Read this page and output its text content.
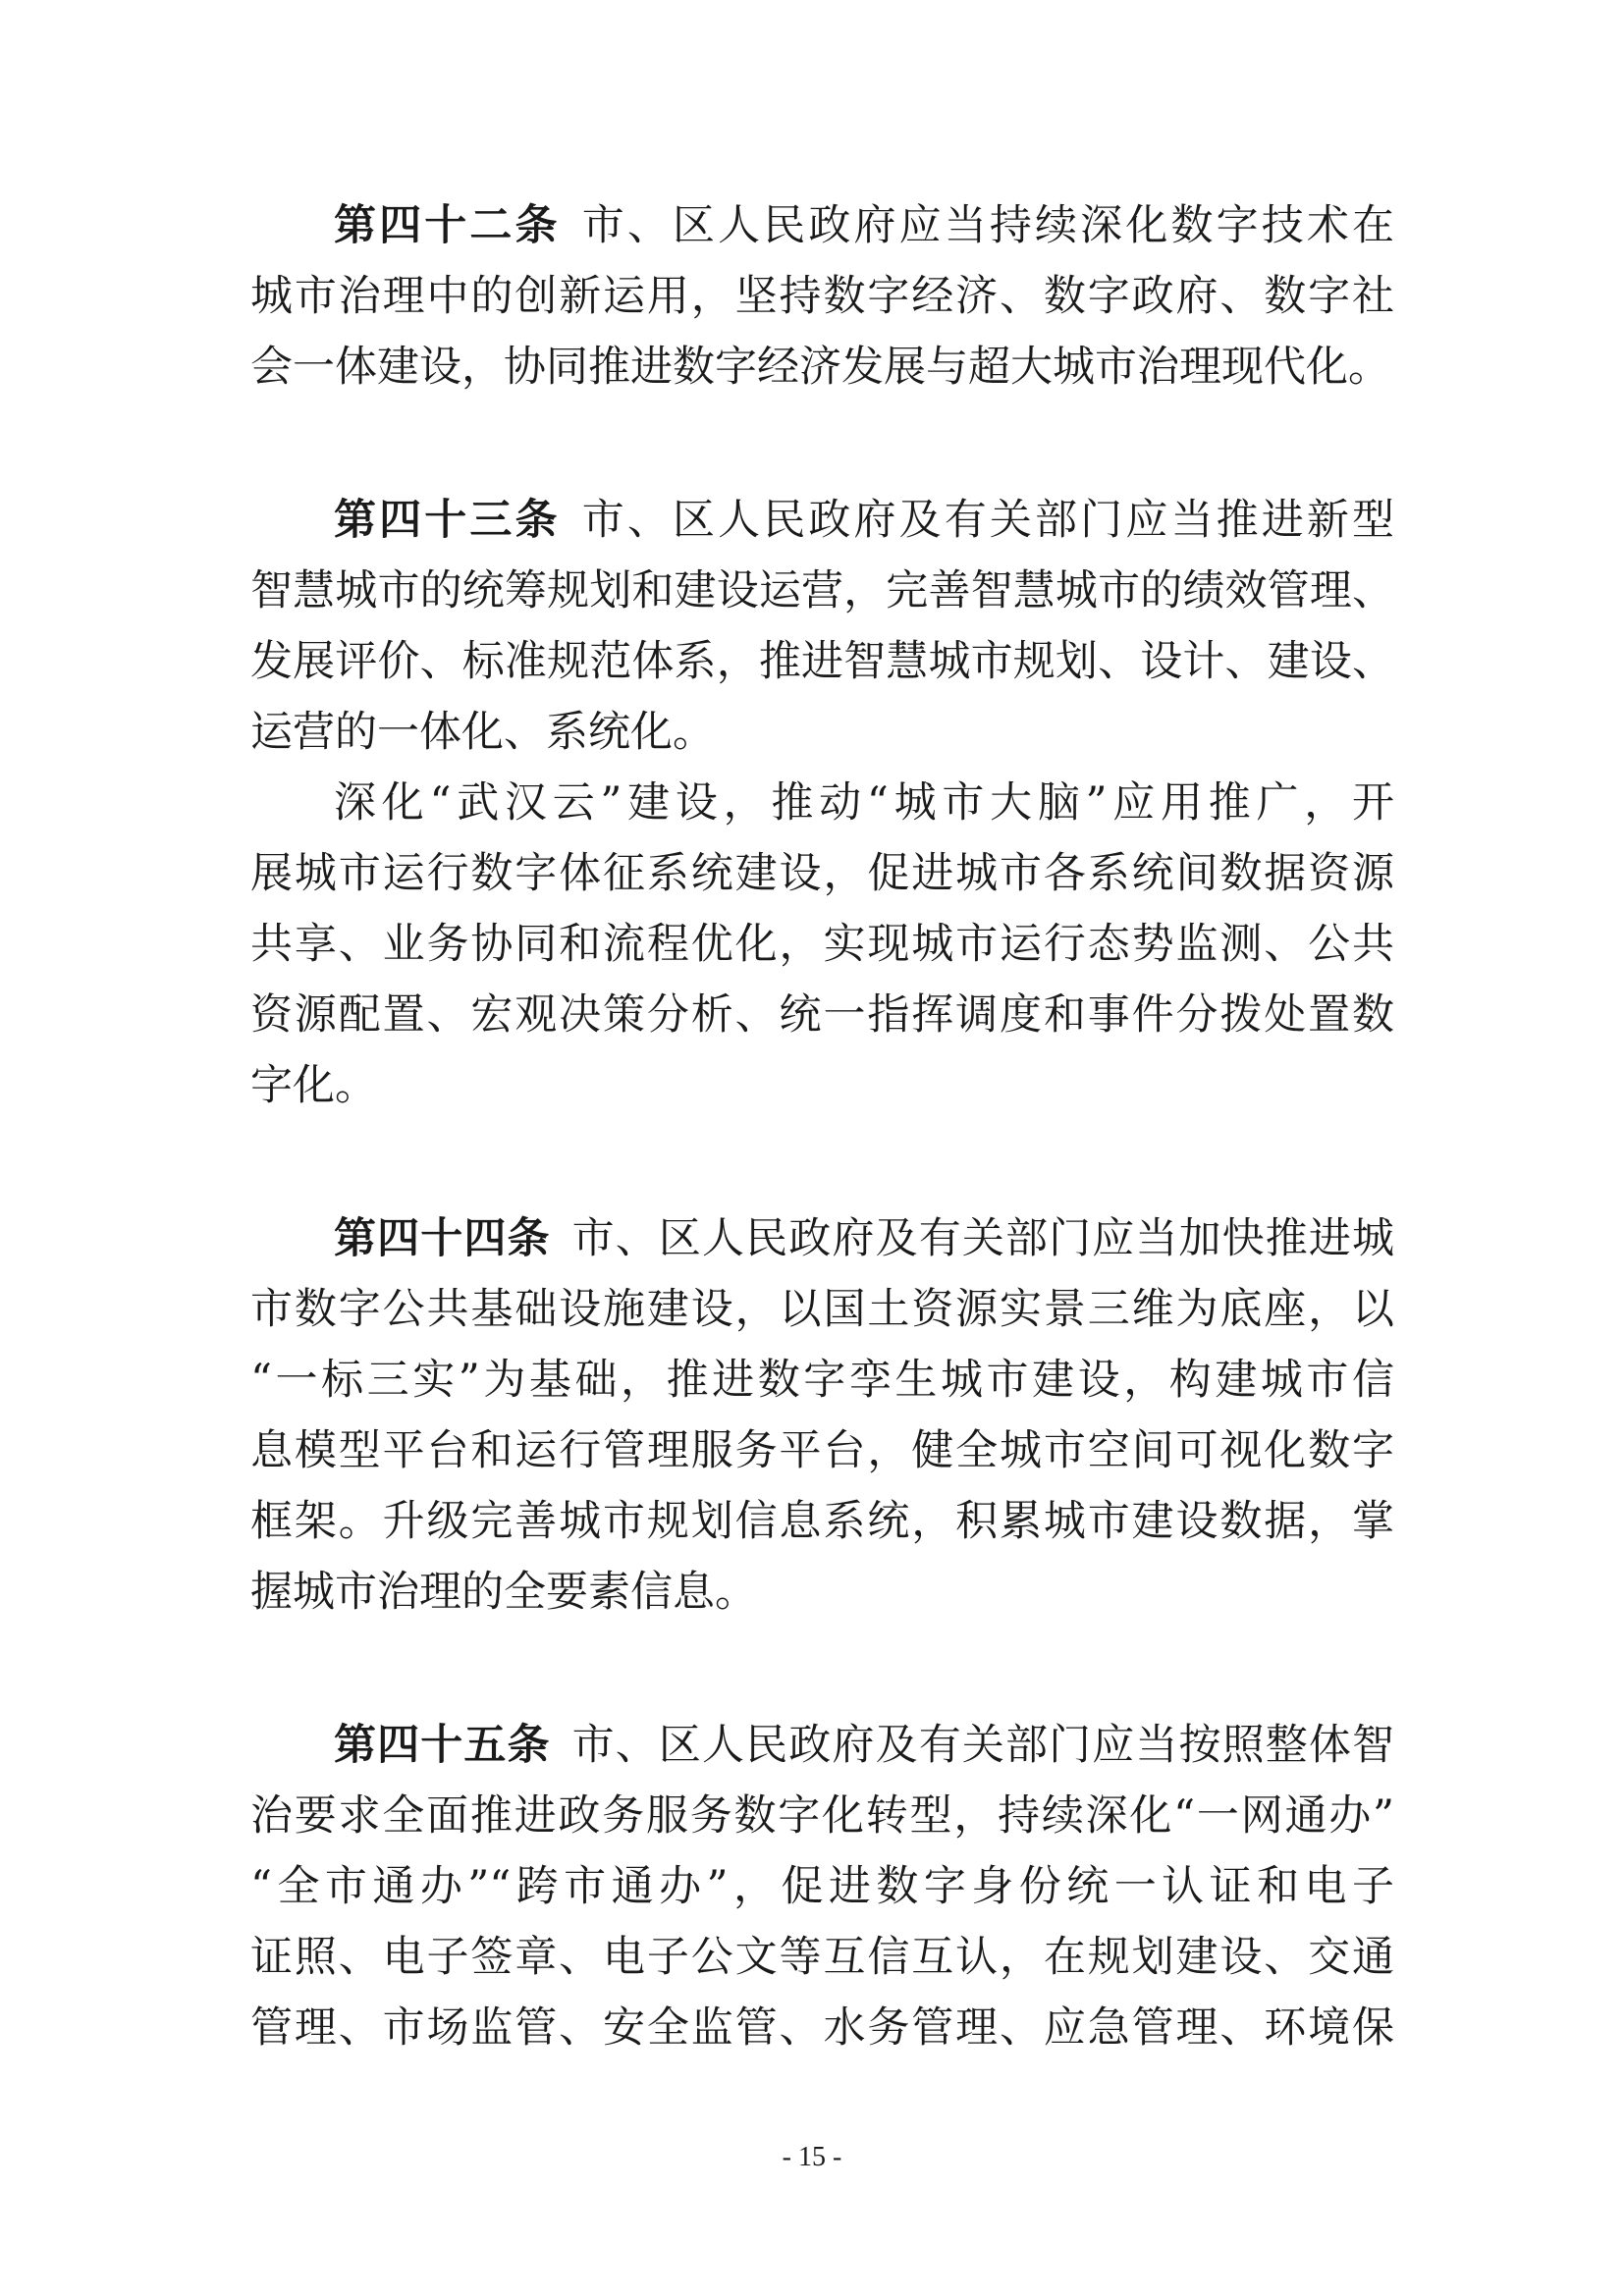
第四十二条 市、区人民政府应当持续深化数字技术在
城市治理中的创新运用，坚持数字经济、数字政府、数字社
会一体建设，协同推进数字经济发展与超大城市治理现代化。
第四十三条 市、区人民政府及有关部门应当推进新型
智慧城市的统筹规划和建设运营，完善智慧城市的绩效管理、
发展评价、标准规范体系，推进智慧城市规划、设计、建设、
运营的一体化、系统化。
深化“武汉云”建设，推动“城市大脑”应用推广，开
展城市运行数字体征系统建设，促进城市各系统间数据资源
共享、业务协同和流程优化，实现城市运行态势监测、公共
资源配置、宏观决策分析、统一指挥调度和事件分拨处置数
字化。
第四十四条 市、区人民政府及有关部门应当加快推进城
市数字公共基础设施建设，以国土资源实景三维为底座，以
“一标三实”为基础，推进数字孪生城市建设，构建城市信
息模型平台和运行管理服务平台，健全城市空间可视化数字
框架。升级完善城市规划信息系统，积累城市建设数据，掌
握城市治理的全要素信息。
第四十五条 市、区人民政府及有关部门应当按照整体智
治要求全面推进政务服务数字化转型，持续深化“一网通办”
“全市通办”“跨市通办”，促进数字身份统一认证和电子
证照、电子签章、电子公文等互信互认，在规划建设、交通
管理、市场监管、安全监管、水务管理、应急管理、环境保
- 15 -
